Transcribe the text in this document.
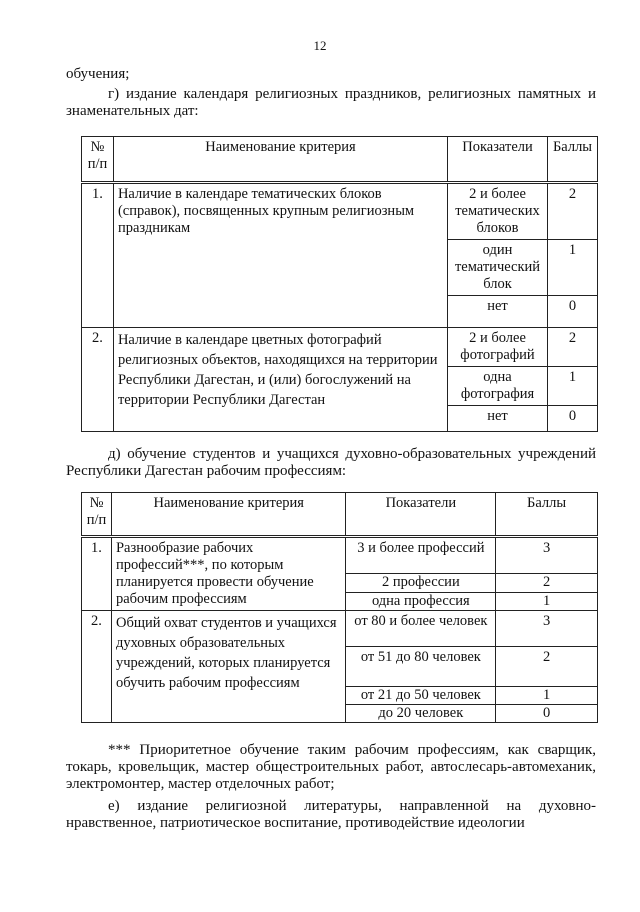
12

обучения;

г) издание календаря религиозных праздников, религиозных памятных и знаменательных дат:

№ п/п	Наименование критерия	Показатели	Баллы
1.	Наличие в календаре тематических блоков (справок), посвященных крупным религиозным праздникам	2 и более тематических блоков	2
		один тематический блок	1
		нет	0
2.	Наличие в календаре цветных фотографий религиозных объектов, находящихся на территории Республики Дагестан, и (или) богослужений на территории Республики Дагестан	2 и более фотографий	2
		одна фотография	1
		нет	0

д) обучение студентов и учащихся духовно-образовательных учреждений Республики Дагестан рабочим профессиям:

№ п/п	Наименование критерия	Показатели	Баллы
1.	Разнообразие рабочих профессий***, по которым планируется провести обучение рабочим профессиям	3 и более профессий	3
		2 профессии	2
		одна профессия	1
2.	Общий охват студентов и учащихся духовных образовательных учреждений, которых планируется обучить рабочим профессиям	от 80 и более человек	3
		от 51 до 80 человек	2
		от 21 до 50 человек	1
		до 20 человек	0

*** Приоритетное обучение таким рабочим профессиям, как сварщик, токарь, кровельщик, мастер общестроительных работ, автослесарь-автомеханик, электромонтер, мастер отделочных работ;

е) издание религиозной литературы, направленной на духовно-нравственное, патриотическое воспитание, противодействие идеологии
